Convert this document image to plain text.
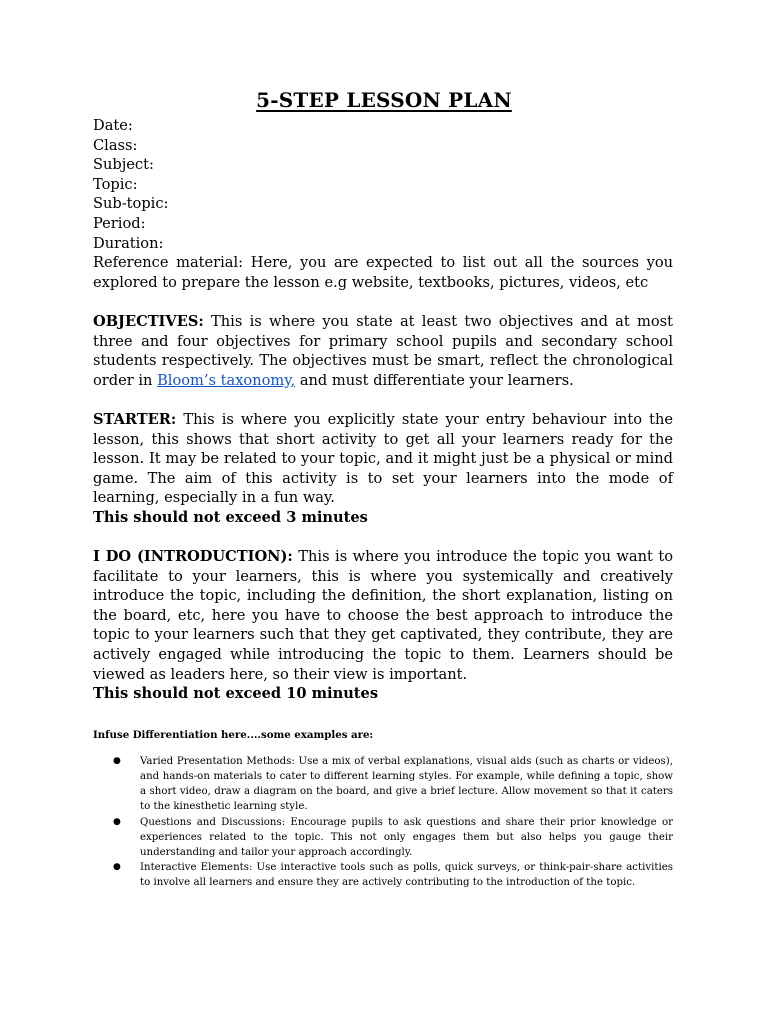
5-STEP LESSON PLAN

Date:

Class:

Subject:

Topic:

Sub-topic:

Period:

Duration:

Reference material: Here, you are expected to list out all the sources you explored to prepare the lesson e.g website, textbooks, pictures, videos, etc

OBJECTIVES: This is where you state at least two objectives and at most three and four objectives for primary school pupils and secondary school students respectively. The objectives must be smart, reflect the chronological order in Bloom’s taxonomy, and must differentiate your learners.

STARTER: This is where you explicitly state your entry behaviour into the lesson, this shows that short activity to get all your learners ready for the lesson. It may be related to your topic, and it might just be a physical or mind game. The aim of this activity is to set your learners into the mode of learning, especially in a fun way.

This should not exceed 3 minutes

I DO (INTRODUCTION): This is where you introduce the topic you want to facilitate to your learners, this is where you systemically and creatively introduce the topic, including the definition, the short explanation, listing on the board, etc, here you have to choose the best approach to introduce the topic to your learners such that they get captivated, they contribute, they are actively engaged while introducing the topic to them. Learners should be viewed as leaders here, so their view is important.

This should not exceed 10 minutes

Infuse Differentiation here....some examples are:
● Varied Presentation Methods: Use a mix of verbal explanations, visual aids (such as charts or videos), and hands-on materials to cater to different learning styles. For example, while defining a topic, show a short video, draw a diagram on the board, and give a brief lecture. Allow movement so that it caters to the kinesthetic learning style.
● Questions and Discussions: Encourage pupils to ask questions and share their prior knowledge or experiences related to the topic. This not only engages them but also helps you gauge their understanding and tailor your approach accordingly.
● Interactive Elements: Use interactive tools such as polls, quick surveys, or think-pair-share activities to involve all learners and ensure they are actively contributing to the introduction of the topic.
